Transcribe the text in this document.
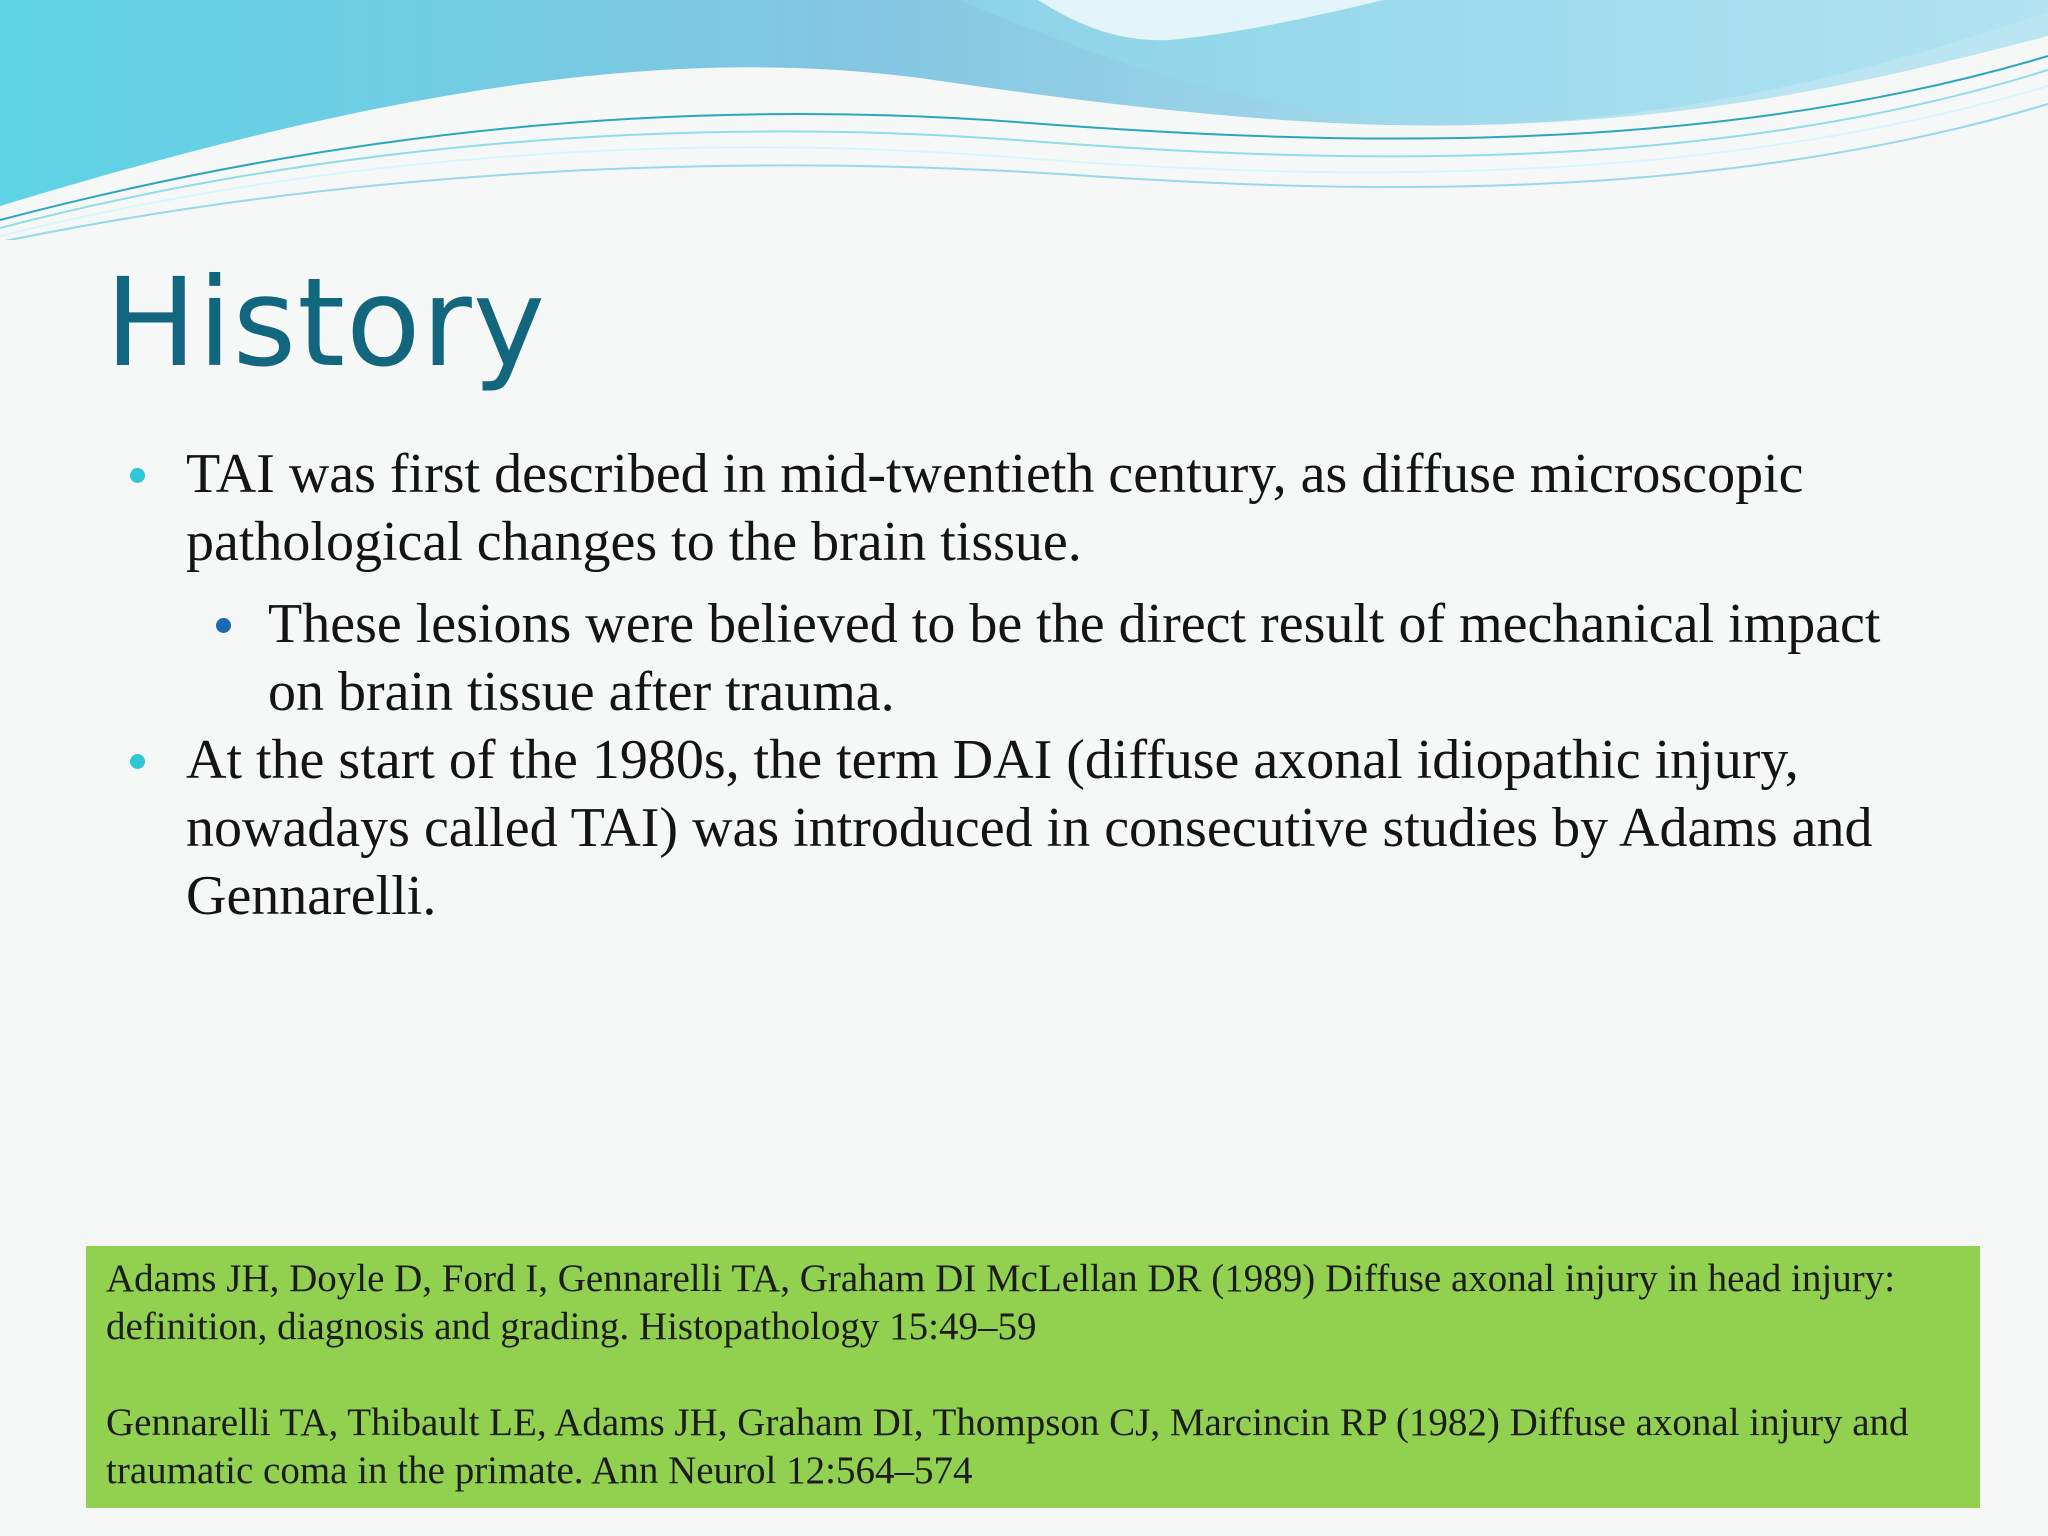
History

TAI was first described in mid-twentieth century, as diffuse microscopic pathological changes to the brain tissue.

These lesions were believed to be the direct result of mechanical impact on brain tissue after trauma.

At the start of the 1980s, the term DAI (diffuse axonal idiopathic injury, nowadays called TAI) was introduced in consecutive studies by Adams and Gennarelli.

Adams JH, Doyle D, Ford I, Gennarelli TA, Graham DI McLellan DR (1989) Diffuse axonal injury in head injury: definition, diagnosis and grading. Histopathology 15:49–59

Gennarelli TA, Thibault LE, Adams JH, Graham DI, Thompson CJ, Marcincin RP (1982) Diffuse axonal injury and traumatic coma in the primate. Ann Neurol 12:564–574
